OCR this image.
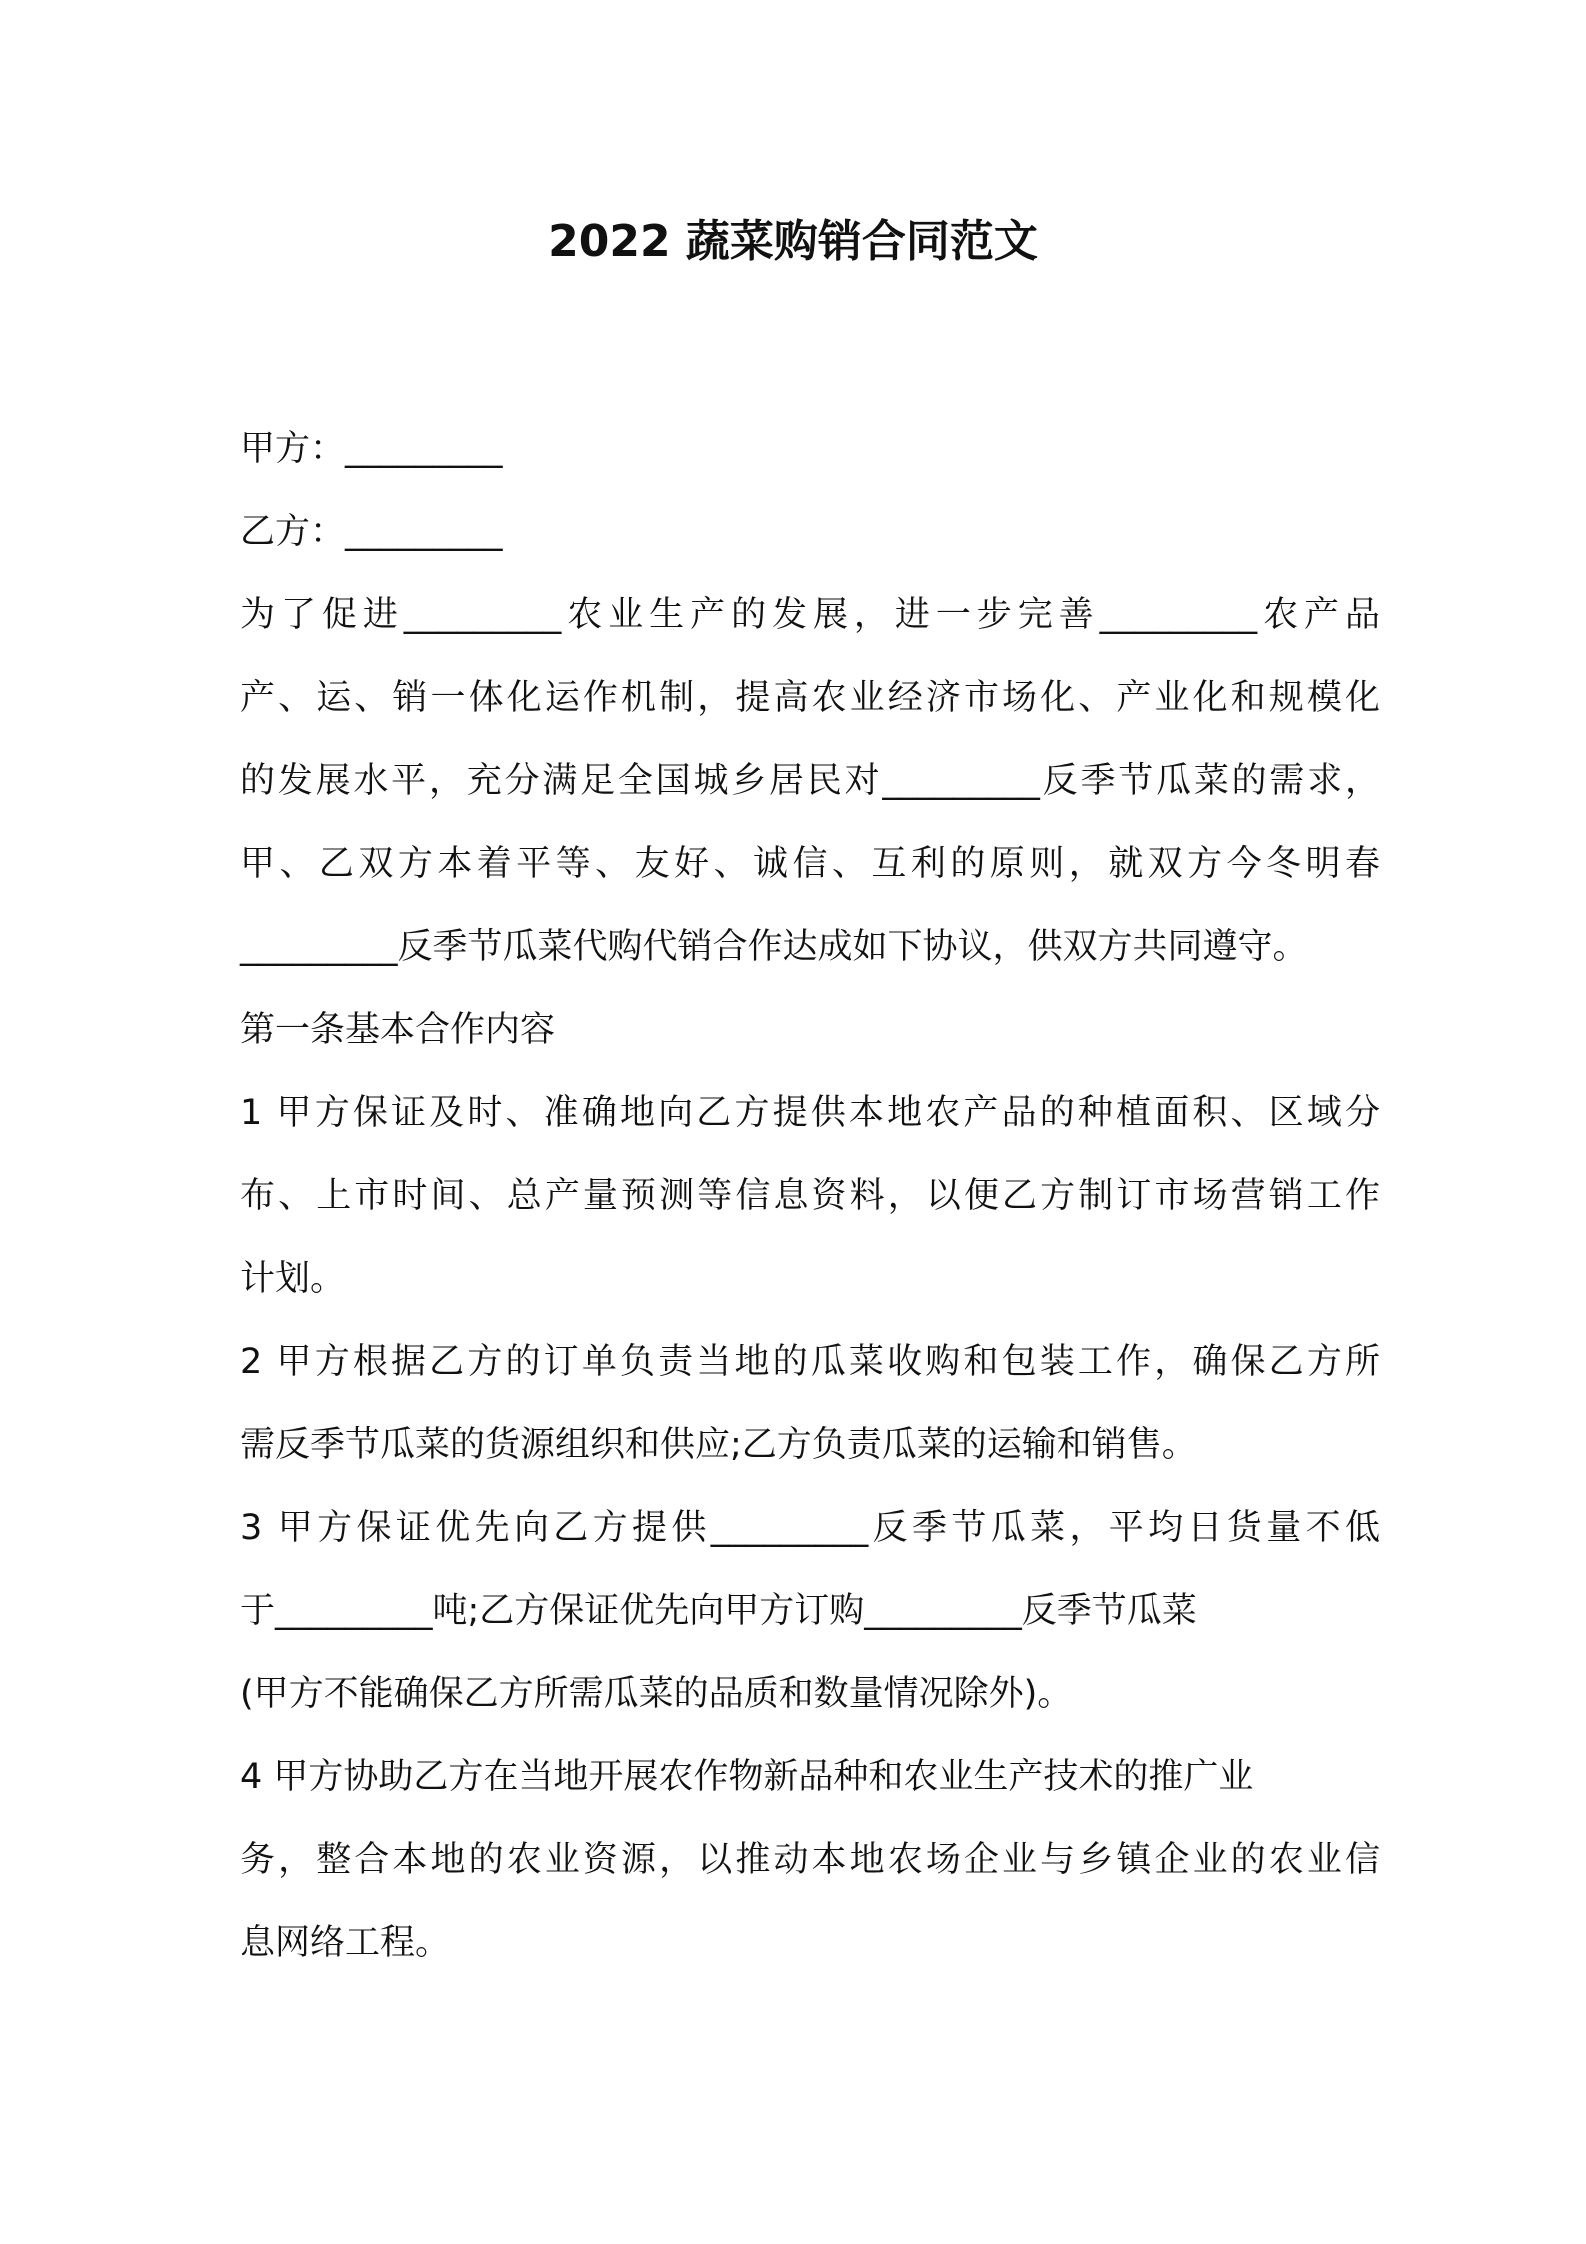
2022 蔬菜购销合同范文

甲方：_________

乙方：_________

为了促进_________农业生产的发展，进一步完善_________农产品

产、运、销一体化运作机制，提高农业经济市场化、产业化和规模化

的发展水平，充分满足全国城乡居民对_________反季节瓜菜的需求，

甲、乙双方本着平等、友好、诚信、互利的原则，就双方今冬明春

_________反季节瓜菜代购代销合作达成如下协议，供双方共同遵守。

第一条基本合作内容

1 甲方保证及时、准确地向乙方提供本地农产品的种植面积、区域分

布、上市时间、总产量预测等信息资料，以便乙方制订市场营销工作

计划。

2 甲方根据乙方的订单负责当地的瓜菜收购和包装工作，确保乙方所

需反季节瓜菜的货源组织和供应;乙方负责瓜菜的运输和销售。

3 甲方保证优先向乙方提供_________反季节瓜菜，平均日货量不低

于_________吨;乙方保证优先向甲方订购_________反季节瓜菜

(甲方不能确保乙方所需瓜菜的品质和数量情况除外)。

4 甲方协助乙方在当地开展农作物新品种和农业生产技术的推广业

务，整合本地的农业资源，以推动本地农场企业与乡镇企业的农业信

息网络工程。
